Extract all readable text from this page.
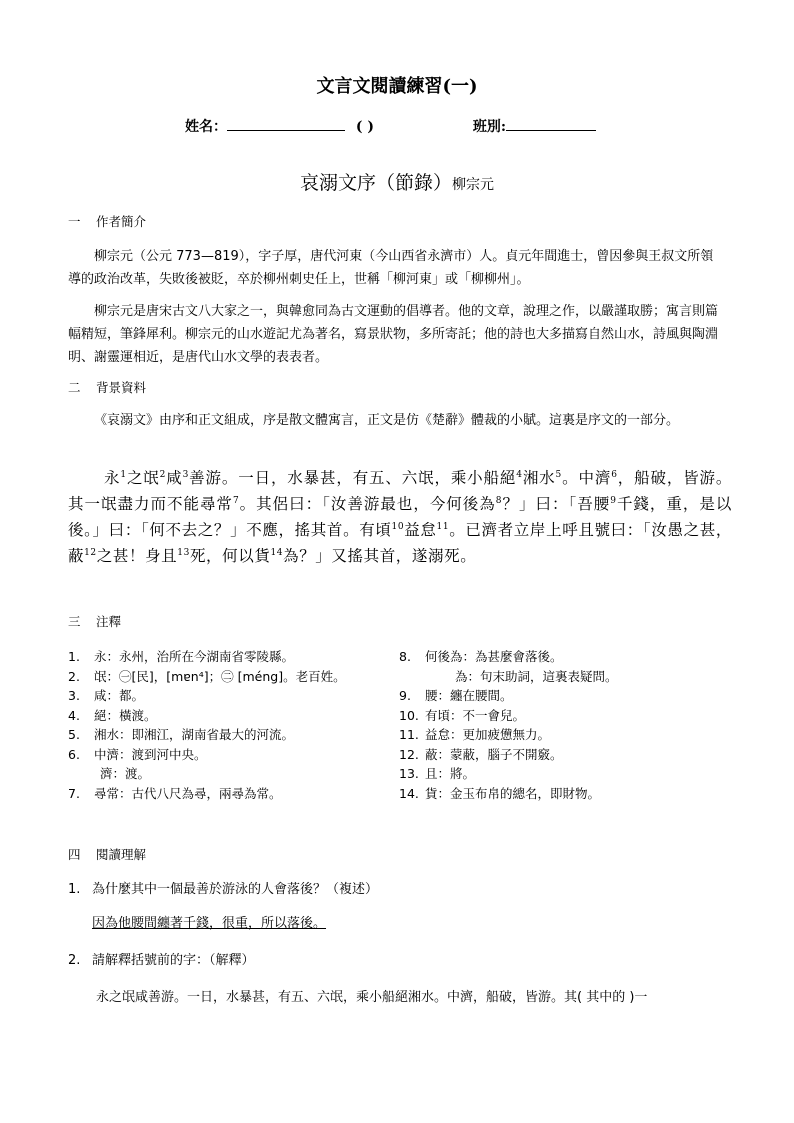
文言文閱讀練習(一)
姓名：	( )	班別:
哀溺文序（節錄）柳宗元
一 作者簡介

柳宗元（公元 773—819），字子厚，唐代河東（今山西省永濟市）人。貞元年間進士，曾因參與王叔文所領導的政治改革，失敗後被貶，卒於柳州刺史任上，世稱「柳河東」或「柳柳州」。

柳宗元是唐宋古文八大家之一，與韓愈同為古文運動的倡導者。他的文章，說理之作，以嚴謹取勝；寓言則篇幅精短，筆鋒犀利。柳宗元的山水遊記尤為著名，寫景狀物，多所寄託；他的詩也大多描寫自然山水，詩風與陶淵明、謝靈運相近，是唐代山水文學的表表者。

二 背景資料

《哀溺文》由序和正文組成，序是散文體寓言，正文是仿《楚辭》體裁的小賦。這裏是序文的一部分。

永$^1$之氓$^2$咸$^3$善游。一日，水暴甚，有五、六氓，乘小船絕$^4$湘水$^5$。中濟$^6$，船破，皆游。其一氓盡力而不能尋常$^7$。其侶曰：「汝善游最也，今何後為$^8$？」曰：「吾腰$^9$千錢，重，是以後。」曰：「何不去之？」不應，搖其首。有頃$^{10}$益怠$^{11}$。已濟者立岸上呼且號曰：「汝愚之甚，蔽$^{12}$之甚！身且$^{13}$死，何以貨$^{14}$為？」又搖其首，遂溺死。

三 注釋
1.	永：永州，治所在今湖南省零陵縣。
2.	氓：㊀[民]，[mɐn⁴]；㊁ [méng]。老百姓。
3.	咸：都。
4.	絕：橫渡。
5.	湘水：即湘江，湖南省最大的河流。
6.	中濟：渡到河中央。
濟：渡。
7.	尋常：古代八尺為尋，兩尋為常。
8.	何後為：為甚麼會落後。
為：句末助詞，這裏表疑問。
9.	腰：纏在腰間。
10. 有頃：不一會兒。
11. 益怠：更加疲憊無力。
12. 蔽：蒙蔽，腦子不開竅。
13. 且：將。
14. 貨：金玉布帛的總名，即財物。
四 閱讀理解
1. 為什麼其中一個最善於游泳的人會落後？（複述）
因為他腰間纏著千錢，很重，所以落後。
2. 請解釋括號前的字：（解釋）
永之氓咸善游。一日，水暴甚，有五、六氓，乘小船絕湘水。中濟，船破，皆游。其( 其中的 )一
